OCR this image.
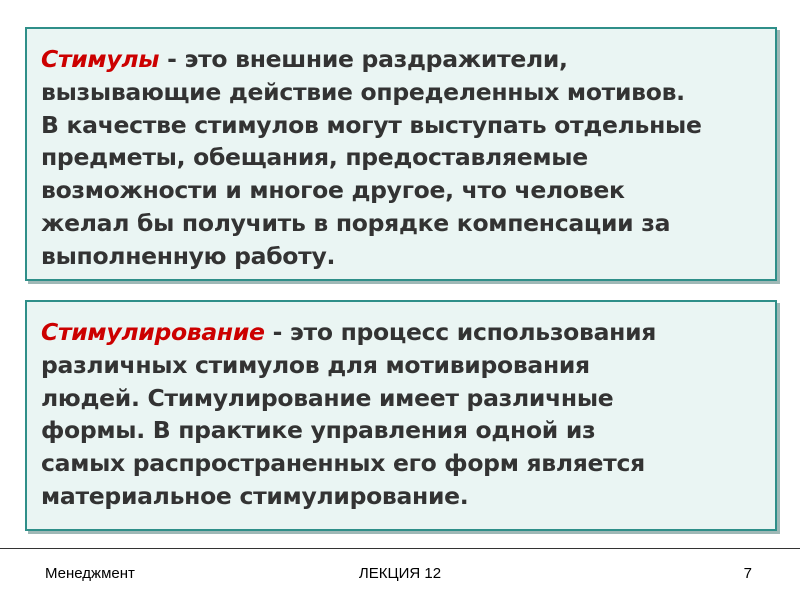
Стимулы - это внешние раздражители,
вызывающие действие определенных мотивов.
В качестве стимулов могут выступать отдельные
предметы, обещания, предоставляемые
возможности и многое другое, что человек
желал бы получить в порядке компенсации за
выполненную работу.
Стимулирование - это процесс использования
различных стимулов для мотивирования
людей. Стимулирование имеет различные
формы. В практике управления одной из
самых распространенных его форм является
материальное стимулирование.
Менеджмент	ЛЕКЦИЯ 12	7
